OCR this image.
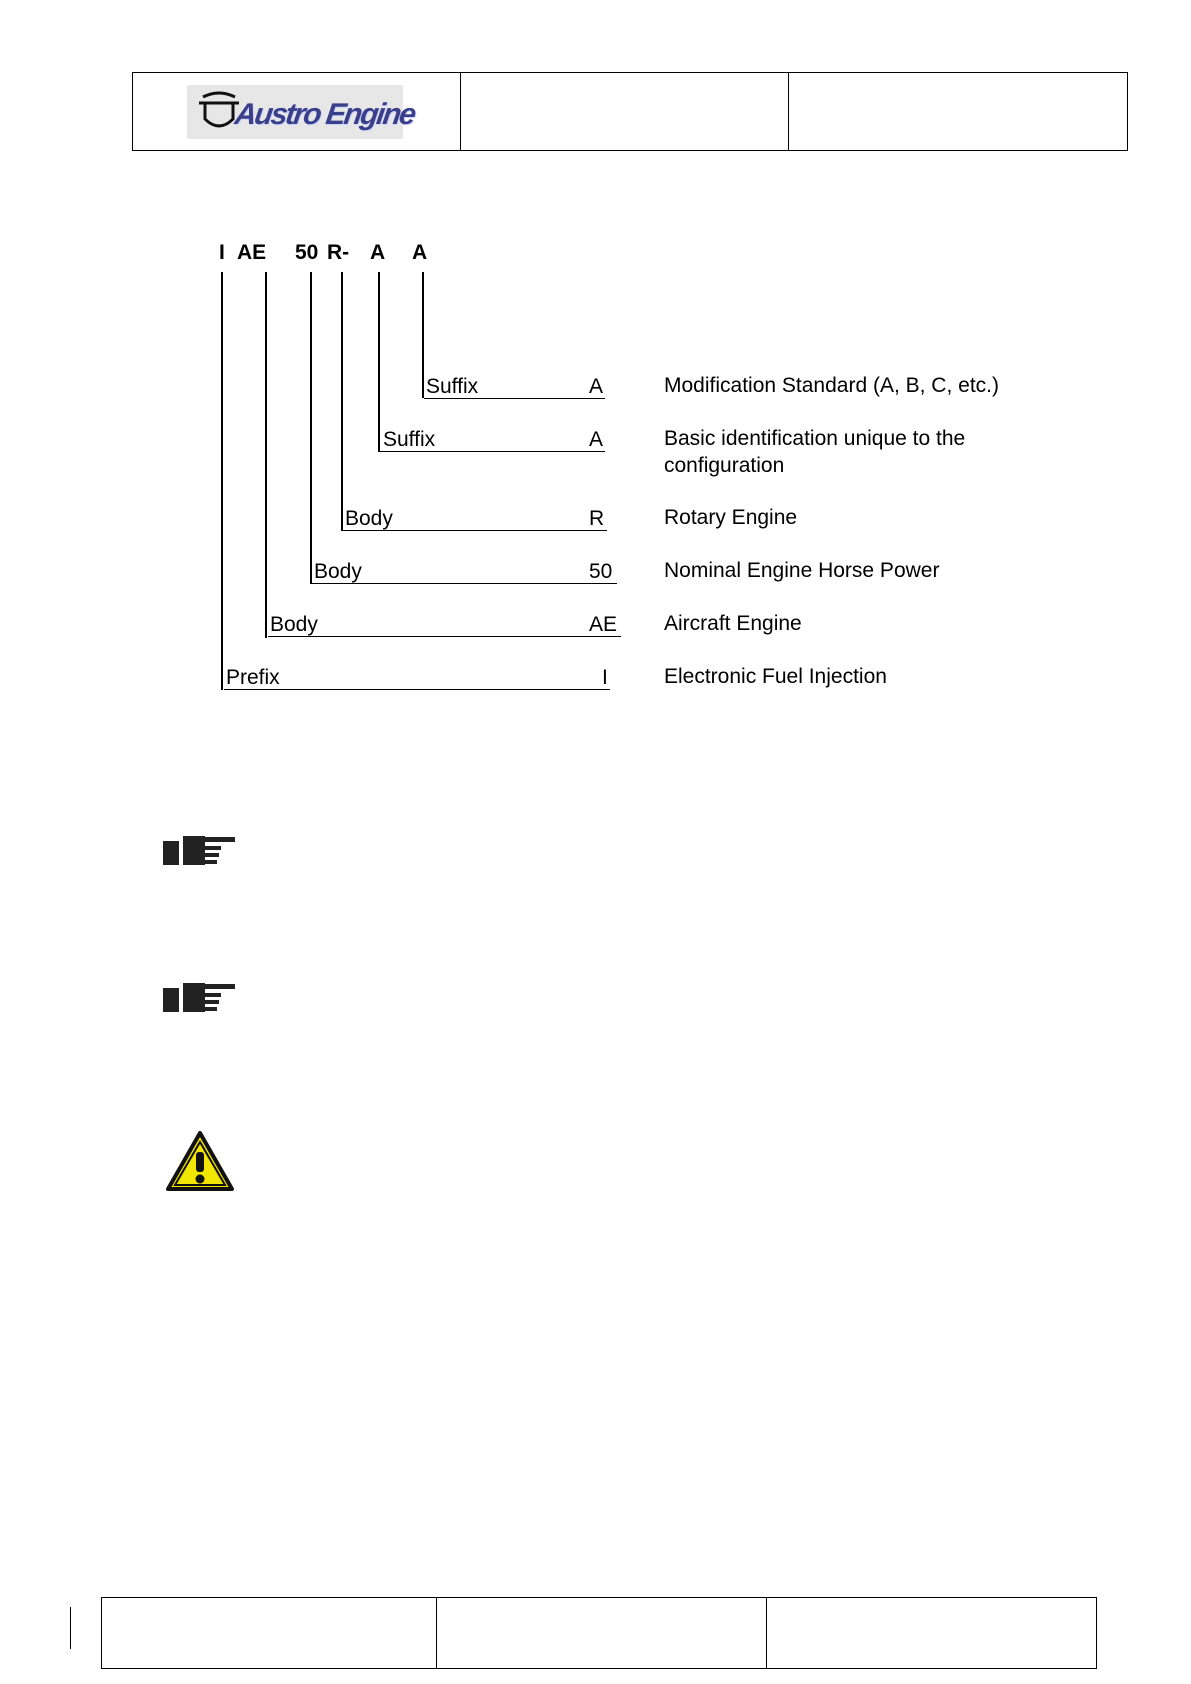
Austro Engine
I AE 50 R- A A
Suffix	A	Modification Standard (A, B, C, etc.)
Suffix	A	Basic identification unique to the
configuration
Body	R	Rotary Engine
Body	50 Nominal Engine Horse Power
Body	AE Aircraft Engine
Prefix	I	Electronic Fuel Injection
